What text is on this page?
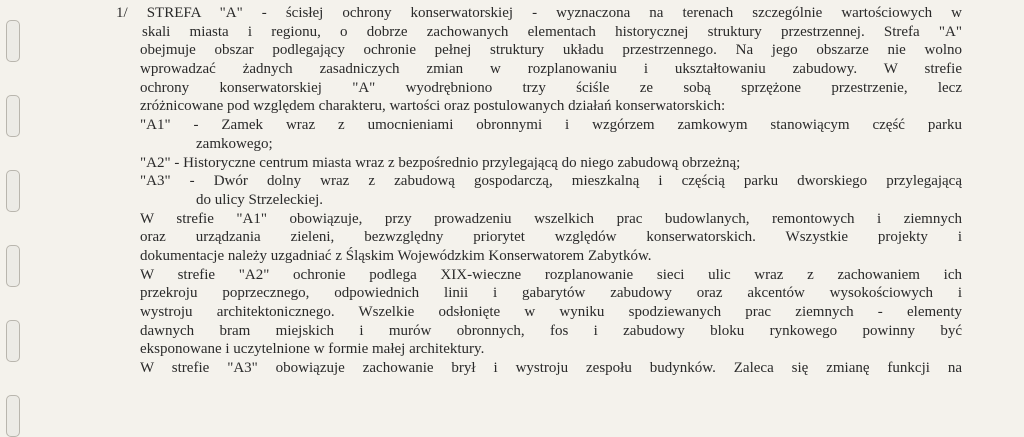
1/ STREFA "A" - ścisłej ochrony konserwatorskiej - wyznaczona na terenach szczególnie wartościowych w
skali miasta i regionu, o dobrze zachowanych elementach historycznej struktury przestrzennej. Strefa "A"
obejmuje obszar podlegający ochronie pełnej struktury układu przestrzennego. Na jego obszarze nie wolno
wprowadzać żadnych zasadniczych zmian w rozplanowaniu i ukształtowaniu zabudowy. W strefie
ochrony konserwatorskiej "A" wyodrębniono trzy ściśle ze sobą sprzężone przestrzenie, lecz
zróżnicowane pod względem charakteru, wartości oraz postulowanych działań konserwatorskich:
"A1" - Zamek wraz z umocnieniami obronnymi i wzgórzem zamkowym stanowiącym część parku
zamkowego;
"A2" - Historyczne centrum miasta wraz z bezpośrednio przylegającą do niego zabudową obrzeżną;
"A3" - Dwór dolny wraz z zabudową gospodarczą, mieszkalną i częścią parku dworskiego przylegającą
do ulicy Strzeleckiej.
W strefie "A1" obowiązuje, przy prowadzeniu wszelkich prac budowlanych, remontowych i ziemnych
oraz urządzania zieleni, bezwzględny priorytet względów konserwatorskich. Wszystkie projekty i
dokumentacje należy uzgadniać z Śląskim Wojewódzkim Konserwatorem Zabytków.
W strefie "A2" ochronie podlega XIX-wieczne rozplanowanie sieci ulic wraz z zachowaniem ich
przekroju poprzecznego, odpowiednich linii i gabarytów zabudowy oraz akcentów wysokościowych i
wystroju architektonicznego. Wszelkie odsłonięte w wyniku spodziewanych prac ziemnych - elementy
dawnych bram miejskich i murów obronnych, fos i zabudowy bloku rynkowego powinny być
eksponowane i uczytelnione w formie małej architektury.
W strefie "A3" obowiązuje zachowanie brył i wystroju zespołu budynków. Zaleca się zmianę funkcji na
